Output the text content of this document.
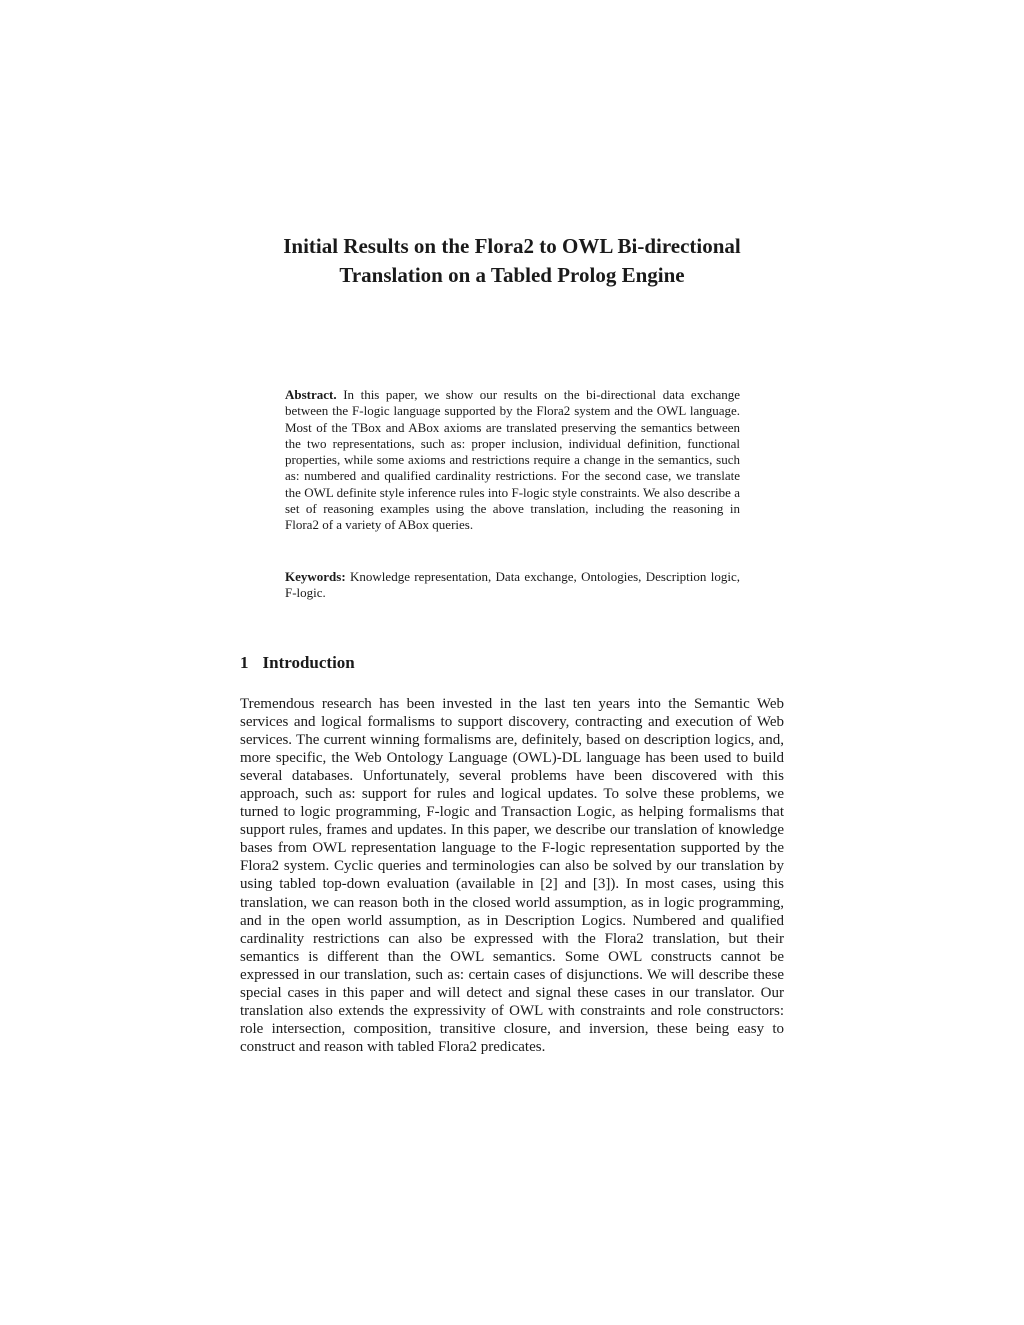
Initial Results on the Flora2 to OWL Bi-directional
Translation on a Tabled Prolog Engine

Abstract. In this paper, we show our results on the bi-directional data exchange between the F-logic language supported by the Flora2 system and the OWL language. Most of the TBox and ABox axioms are translated preserving the semantics between the two representations, such as: proper inclusion, individual definition, functional properties, while some axioms and restrictions require a change in the semantics, such as: numbered and qualified cardinality restrictions. For the second case, we translate the OWL definite style inference rules into F-logic style constraints. We also describe a set of reasoning examples using the above translation, including the reasoning in Flora2 of a variety of ABox queries.

Keywords: Knowledge representation, Data exchange, Ontologies, Description logic, F-logic.

1 Introduction

Tremendous research has been invested in the last ten years into the Semantic Web services and logical formalisms to support discovery, contracting and execution of Web services. The current winning formalisms are, definitely, based on description logics, and, more specific, the Web Ontology Language (OWL)-DL language has been used to build several databases. Unfortunately, several problems have been discovered with this approach, such as: support for rules and logical updates. To solve these problems, we turned to logic programming, F-logic and Transaction Logic, as helping formalisms that support rules, frames and updates. In this paper, we describe our translation of knowledge bases from OWL representation language to the F-logic representation supported by the Flora2 system. Cyclic queries and terminologies can also be solved by our translation by using tabled top-down evaluation (available in [2] and [3]). In most cases, using this translation, we can reason both in the closed world assumption, as in logic programming, and in the open world assumption, as in Description Logics. Numbered and qualified cardinality restrictions can also be expressed with the Flora2 translation, but their semantics is different than the OWL semantics. Some OWL constructs cannot be expressed in our translation, such as: certain cases of disjunctions. We will describe these special cases in this paper and will detect and signal these cases in our translator. Our translation also extends the expressivity of OWL with constraints and role constructors: role intersection, composition, transitive closure, and inversion, these being easy to construct and reason with tabled Flora2 predicates.
